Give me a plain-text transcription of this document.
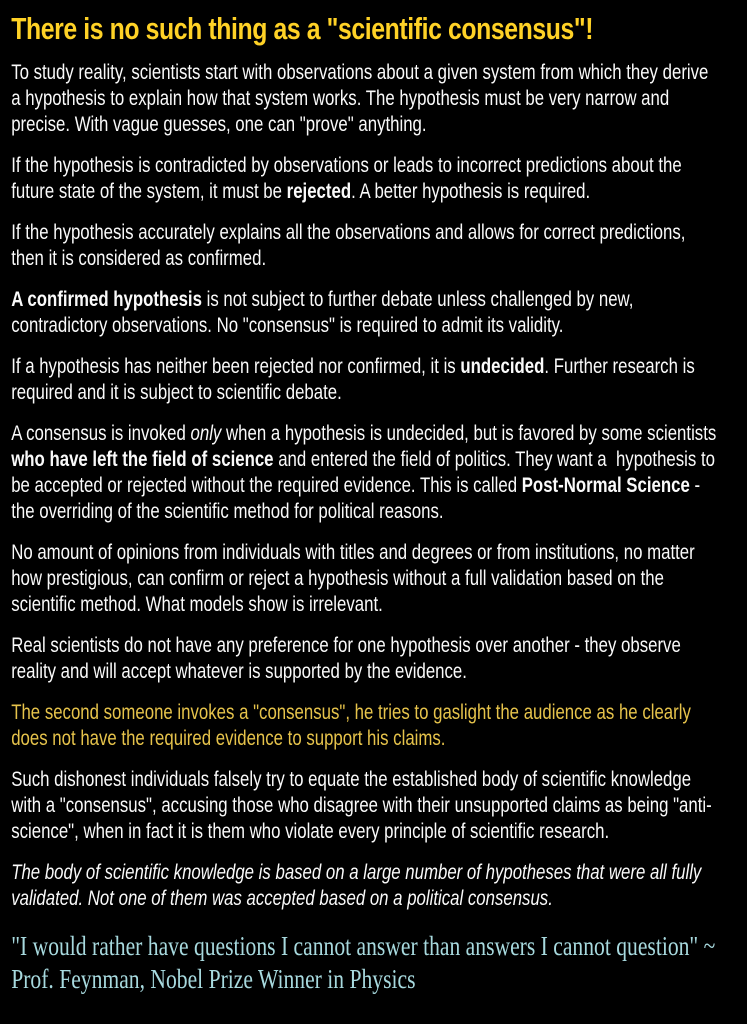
There is no such thing as a "scientific consensus"!

To study reality, scientists start with observations about a given system from which they derive a hypothesis to explain how that system works. The hypothesis must be very narrow and precise. With vague guesses, one can "prove" anything.

If the hypothesis is contradicted by observations or leads to incorrect predictions about the future state of the system, it must be rejected. A better hypothesis is required.

If the hypothesis accurately explains all the observations and allows for correct predictions, then it is considered as confirmed.

A confirmed hypothesis is not subject to further debate unless challenged by new, contradictory observations. No "consensus" is required to admit its validity.

If a hypothesis has neither been rejected nor confirmed, it is undecided. Further research is required and it is subject to scientific debate.

A consensus is invoked only when a hypothesis is undecided, but is favored by some scientists who have left the field of science and entered the field of politics. They want a  hypothesis to be accepted or rejected without the required evidence. This is called Post-Normal Science - the overriding of the scientific method for political reasons.

No amount of opinions from individuals with titles and degrees or from institutions, no matter how prestigious, can confirm or reject a hypothesis without a full validation based on the scientific method. What models show is irrelevant.

Real scientists do not have any preference for one hypothesis over another - they observe reality and will accept whatever is supported by the evidence.

The second someone invokes a "consensus", he tries to gaslight the audience as he clearly does not have the required evidence to support his claims.

Such dishonest individuals falsely try to equate the established body of scientific knowledge with a "consensus", accusing those who disagree with their unsupported claims as being "anti-science", when in fact it is them who violate every principle of scientific research.

The body of scientific knowledge is based on a large number of hypotheses that were all fully validated. Not one of them was accepted based on a political consensus.

"I would rather have questions I cannot answer than answers I cannot question" ~ Prof. Feynman, Nobel Prize Winner in Physics
